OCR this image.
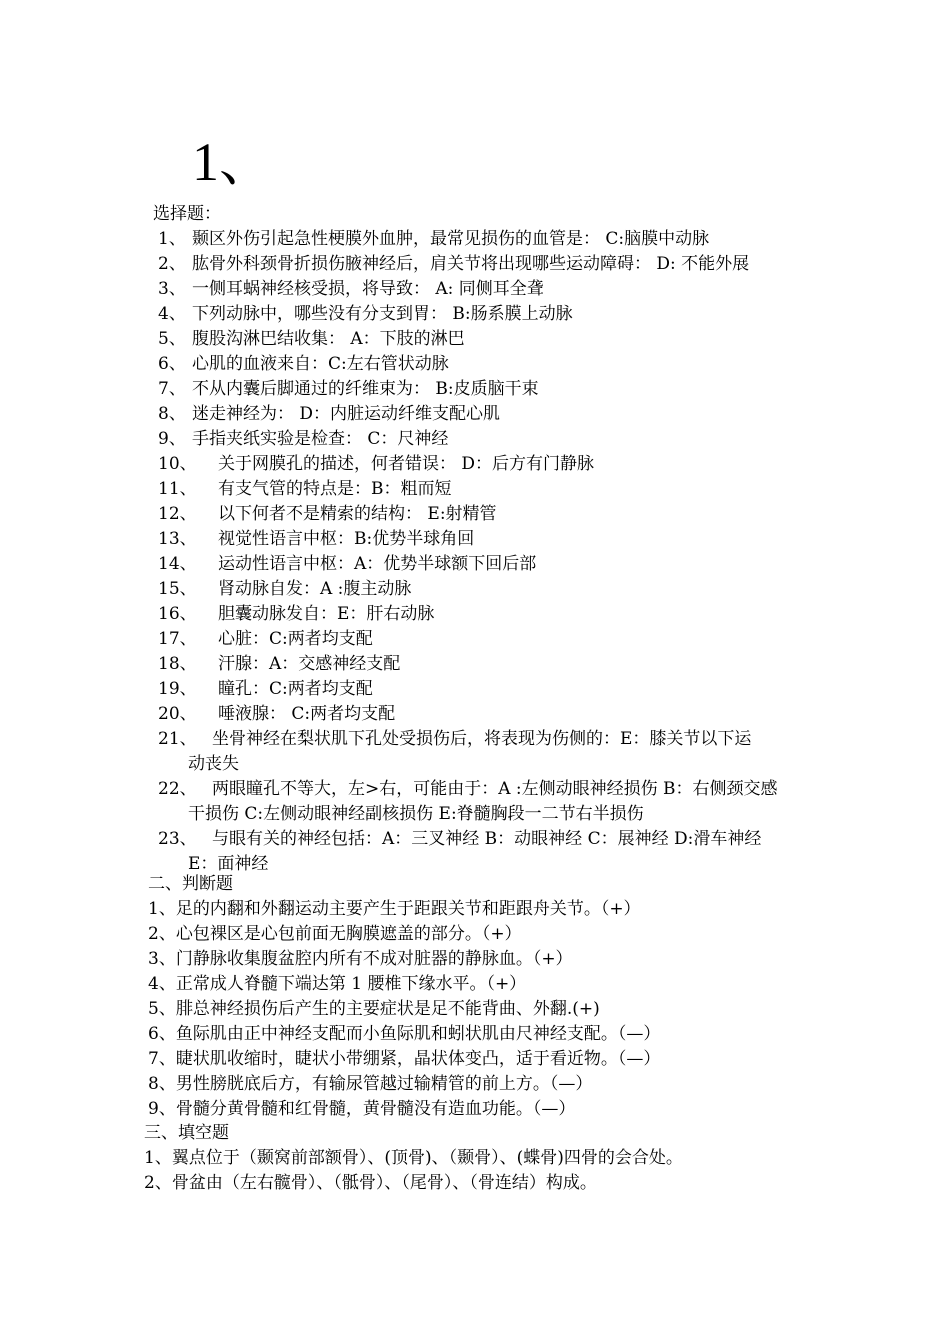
1、
选择题：
1、 颞区外伤引起急性梗膜外血肿，最常见损伤的血管是： C:脑膜中动脉
2、 肱骨外科颈骨折损伤腋神经后，肩关节将出现哪些运动障碍： D: 不能外展
3、 一侧耳蜗神经核受损，将导致： A: 同侧耳全聋
4、 下列动脉中，哪些没有分支到胃： B:肠系膜上动脉
5、 腹股沟淋巴结收集： A：下肢的淋巴
6、 心肌的血液来自：C:左右管状动脉
7、 不从内囊后脚通过的纤维束为： B:皮质脑干束
8、 迷走神经为： D：内脏运动纤维支配心肌
9、 手指夹纸实验是检查： C：尺神经
10、 关于网膜孔的描述，何者错误： D：后方有门静脉
11、 有支气管的特点是：B：粗而短
12、 以下何者不是精索的结构： E:射精管
13、 视觉性语言中枢：B:优势半球角回
14、 运动性语言中枢：A：优势半球额下回后部
15、 肾动脉自发：A :腹主动脉
16、 胆囊动脉发自：E：肝右动脉
17、 心脏：C:两者均支配
18、 汗腺：A：交感神经支配
19、 瞳孔：C:两者均支配
20、 唾液腺： C:两者均支配
21、 坐骨神经在梨状肌下孔处受损伤后，将表现为伤侧的：E：膝关节以下运
动丧失
22、 两眼瞳孔不等大，左>右，可能由于：A :左侧动眼神经损伤 B：右侧颈交感
干损伤 C:左侧动眼神经副核损伤 E:脊髓胸段一二节右半损伤
23、 与眼有关的神经包括：A：三叉神经 B：动眼神经 C：展神经 D:滑车神经
E：面神经
二、判断题
1、足的内翻和外翻运动主要产生于距跟关节和距跟舟关节。（+）
2、心包裸区是心包前面无胸膜遮盖的部分。（+）
3、门静脉收集腹盆腔内所有不成对脏器的静脉血。（+）
4、正常成人脊髓下端达第 1 腰椎下缘水平。（+）
5、腓总神经损伤后产生的主要症状是足不能背曲、外翻.(+)
6、鱼际肌由正中神经支配而小鱼际肌和蚓状肌由尺神经支配。（—）
7、睫状肌收缩时，睫状小带绷紧，晶状体变凸，适于看近物。（—）
8、男性膀胱底后方，有输尿管越过输精管的前上方。（—）
9、骨髓分黄骨髓和红骨髓，黄骨髓没有造血功能。（—）
三、填空题
1、翼点位于（颞窝前部额骨）、(顶骨)、（颞骨）、(蝶骨)四骨的会合处。
2、骨盆由（左右髋骨）、（骶骨）、（尾骨）、（骨连结）构成。
